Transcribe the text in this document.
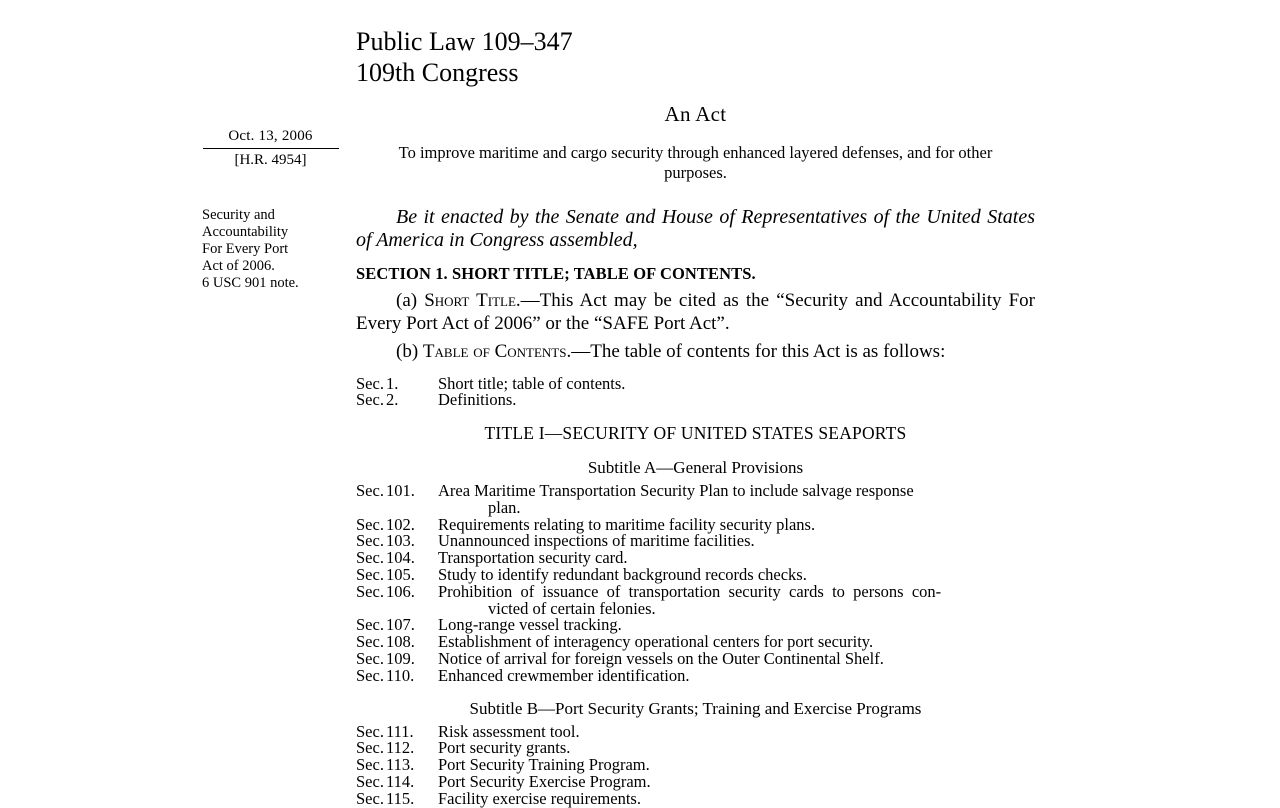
Oct. 13, 2006
[H.R. 4954]
Security and
Accountability
For Every Port
Act of 2006.
6 USC 901 note.
Public Law 109–347
109th Congress
An Act
To improve maritime and cargo security through enhanced layered defenses, and for other purposes.
Be it enacted by the Senate and House of Representatives of the United States of America in Congress assembled,
SECTION 1. SHORT TITLE; TABLE OF CONTENTS.
(a) Short Title.—This Act may be cited as the “Security and Accountability For Every Port Act of 2006” or the “SAFE Port Act”.
(b) Table of Contents.—The table of contents for this Act is as follows:
Sec. 1.	Short title; table of contents.
Sec. 2.	Definitions.
TITLE I—SECURITY OF UNITED STATES SEAPORTS
Subtitle A—General Provisions
Sec. 101.	Area Maritime Transportation Security Plan to include salvage response
plan.
Sec. 102.	Requirements relating to maritime facility security plans.
Sec. 103.	Unannounced inspections of maritime facilities.
Sec. 104.	Transportation security card.
Sec. 105.	Study to identify redundant background records checks.
Sec. 106.	Prohibition  of  issuance  of  transportation  security  cards  to  persons  con-
victed of certain felonies.
Sec. 107.	Long-range vessel tracking.
Sec. 108.	Establishment of interagency operational centers for port security.
Sec. 109.	Notice of arrival for foreign vessels on the Outer Continental Shelf.
Sec. 110.	Enhanced crewmember identification.
Subtitle B—Port Security Grants; Training and Exercise Programs
Sec. 111.	Risk assessment tool.
Sec. 112.	Port security grants.
Sec. 113.	Port Security Training Program.
Sec. 114.	Port Security Exercise Program.
Sec. 115.	Facility exercise requirements.
